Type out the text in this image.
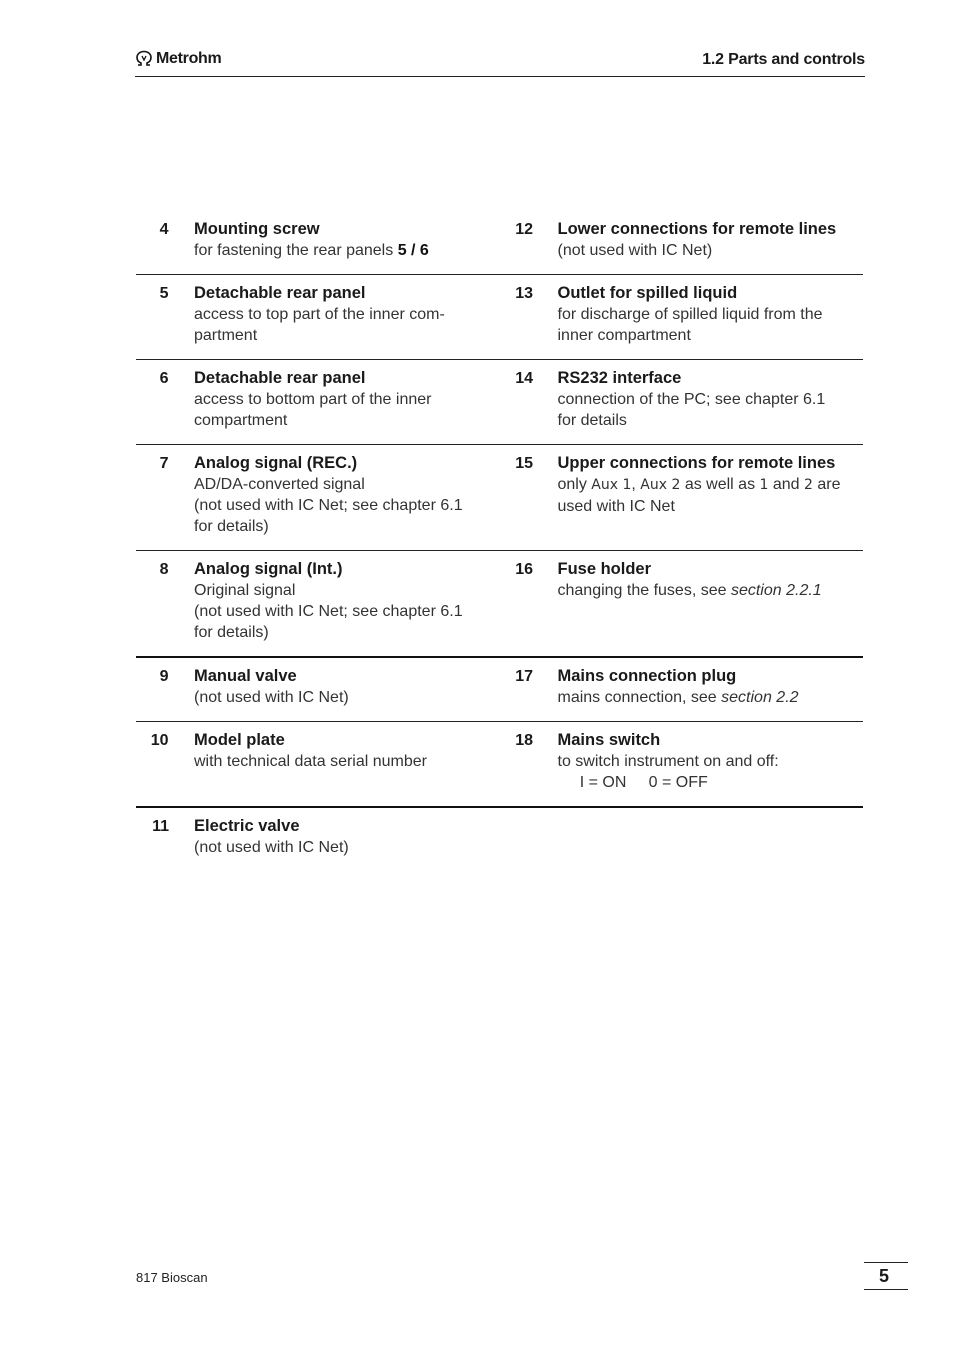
Metrohm	1.2 Parts and controls
4 Mounting screw
for fastening the rear panels 5 / 6
12 Lower connections for remote lines
(not used with IC Net)
5 Detachable rear panel
access to top part of the inner com-
partment
13 Outlet for spilled liquid
for discharge of spilled liquid from the
inner compartment
6 Detachable rear panel
access to bottom part of the inner
compartment
14 RS232 interface
connection of the PC; see chapter 6.1
for details
7 Analog signal (REC.)
AD/DA-converted signal
(not used with IC Net; see chapter 6.1
for details)
15 Upper connections for remote lines
only Aux 1, Aux 2 as well as 1 and 2 are
used with IC Net
8 Analog signal (Int.)
Original signal
(not used with IC Net; see chapter 6.1
for details)
16 Fuse holder
changing the fuses, see section 2.2.1
9 Manual valve
(not used with IC Net)
17 Mains connection plug
mains connection, see section 2.2
10 Model plate
with technical data serial number
18 Mains switch
to switch instrument on and off:
I = ON     0 = OFF
11 Electric valve
(not used with IC Net)
817 Bioscan	5
